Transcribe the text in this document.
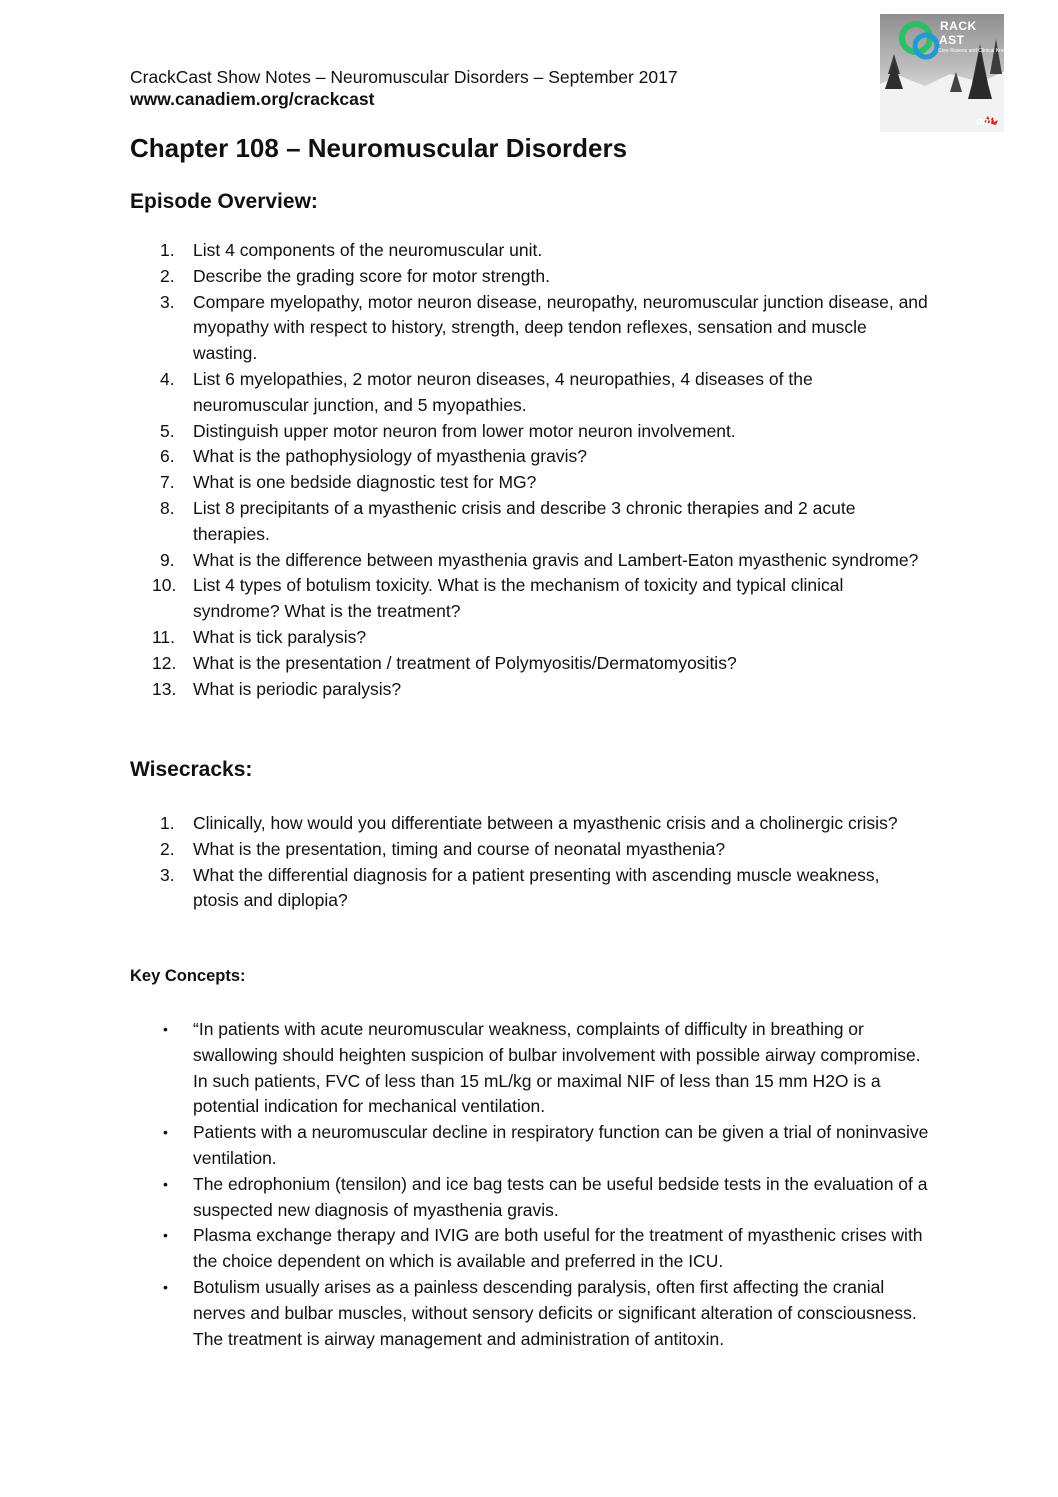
CrackCast Show Notes – Neuromuscular Disorders – September 2017
www.canadiem.org/crackcast
RACK
AST
Core Rosens and Clinical Knowledge
em
Chapter 108 – Neuromuscular Disorders
Episode Overview:
1. List 4 components of the neuromuscular unit.
2. Describe the grading score for motor strength.
3. Compare myelopathy, motor neuron disease, neuropathy, neuromuscular junction disease, and myopathy with respect to history, strength, deep tendon reflexes, sensation and muscle wasting.
4. List 6 myelopathies, 2 motor neuron diseases, 4 neuropathies, 4 diseases of the neuromuscular junction, and 5 myopathies.
5. Distinguish upper motor neuron from lower motor neuron involvement.
6. What is the pathophysiology of myasthenia gravis?
7. What is one bedside diagnostic test for MG?
8. List 8 precipitants of a myasthenic crisis and describe 3 chronic therapies and 2 acute therapies.
9. What is the difference between myasthenia gravis and Lambert-Eaton myasthenic syndrome?
10. List 4 types of botulism toxicity. What is the mechanism of toxicity and typical clinical syndrome? What is the treatment?
11. What is tick paralysis?
12. What is the presentation / treatment of Polymyositis/Dermatomyositis?
13. What is periodic paralysis?
Wisecracks:
1. Clinically, how would you differentiate between a myasthenic crisis and a cholinergic crisis?
2. What is the presentation, timing and course of neonatal myasthenia?
3. What the differential diagnosis for a patient presenting with ascending muscle weakness, ptosis and diplopia?
Key Concepts:
• “In patients with acute neuromuscular weakness, complaints of difficulty in breathing or swallowing should heighten suspicion of bulbar involvement with possible airway compromise. In such patients, FVC of less than 15 mL/kg or maximal NIF of less than 15 mm H2O is a potential indication for mechanical ventilation.
• Patients with a neuromuscular decline in respiratory function can be given a trial of noninvasive ventilation.
• The edrophonium (tensilon) and ice bag tests can be useful bedside tests in the evaluation of a suspected new diagnosis of myasthenia gravis.
• Plasma exchange therapy and IVIG are both useful for the treatment of myasthenic crises with the choice dependent on which is available and preferred in the ICU.
• Botulism usually arises as a painless descending paralysis, often first affecting the cranial nerves and bulbar muscles, without sensory deficits or significant alteration of consciousness. The treatment is airway management and administration of antitoxin.
